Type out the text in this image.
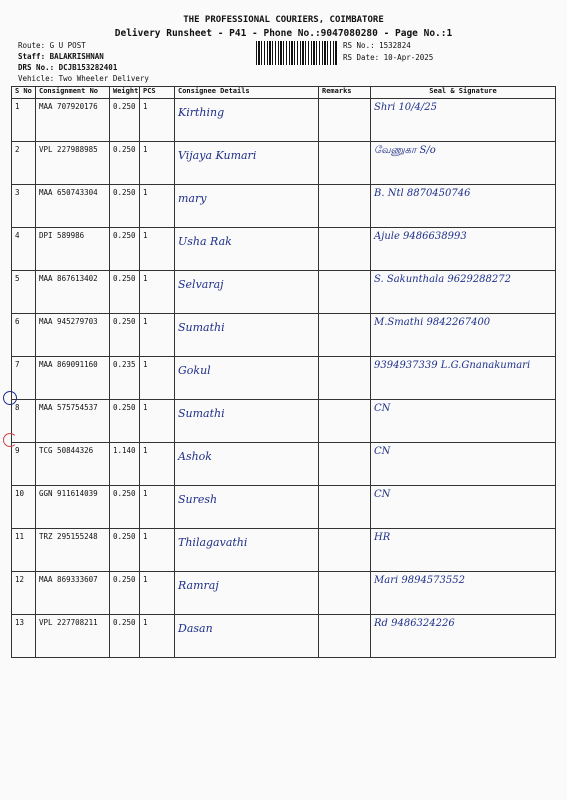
THE PROFESSIONAL COURIERS, COIMBATORE
Delivery Runsheet - P41 - Phone No.:9047080280 - Page No.:1
Route: G U POST
Staff: BALAKRISHNAN
DRS No.: DCJB153282401
Vehicle: Two Wheeler Delivery
RS No.: 1532824
RS Date: 10-Apr-2025
S No	Consignment No	Weight	PCS	Consignee Details	Remarks	Seal & Signature
1	MAA 707920176	0.250	1	Kirthing		Shri 10/4/25
2	VPL 227988985	0.250	1	Vijaya Kumari		வேணுகா S/o
3	MAA 650743304	0.250	1	mary		B. Ntl 8870450746
4	DPI 589986	0.250	1	Usha Rak		Ajule 9486638993
5	MAA 867613402	0.250	1	Selvaraj		S. Sakunthala 9629288272
6	MAA 945279703	0.250	1	Sumathi		M.Smathi 9842267400
7	MAA 869091160	0.235	1	Gokul		9394937339 L.G.Gnanakumari
8	MAA 575754537	0.250	1	Sumathi		CN
9	TCG 50844326	1.140	1	Ashok		CN
10	GGN 911614039	0.250	1	Suresh		CN
11	TRZ 295155248	0.250	1	Thilagavathi		HR
12	MAA 869333607	0.250	1	Ramraj		Mari 9894573552
13	VPL 227708211	0.250	1	Dasan		Rd 9486324226
